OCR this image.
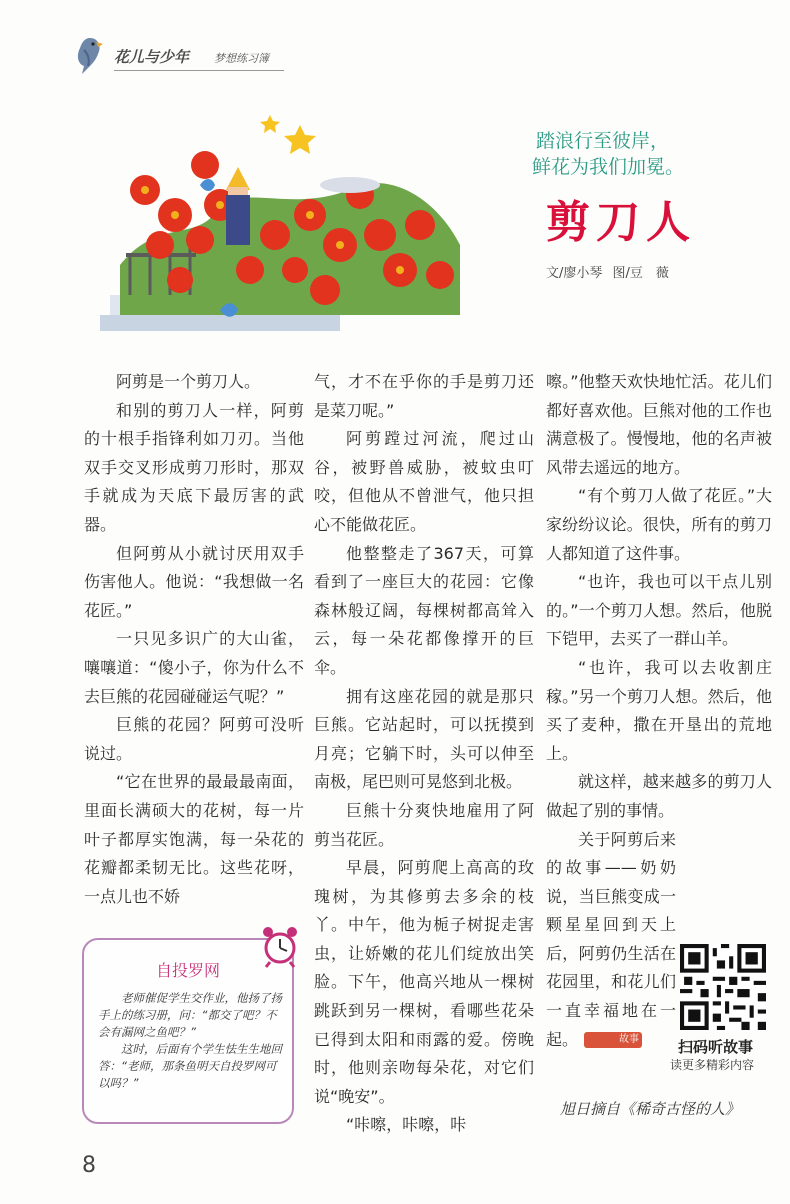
花儿与少年 梦想练习簿
踏浪行至彼岸，
鲜花为我们加冕。
剪刀人
文/廖小琴 图/豆　薇

阿剪是一个剪刀人。

和别的剪刀人一样，阿剪的十根手指锋利如刀刃。当他双手交叉形成剪刀形时，那双手就成为天底下最厉害的武器。

但阿剪从小就讨厌用双手伤害他人。他说：“我想做一名花匠。”

一只见多识广的大山雀，嚷嚷道：“傻小子，你为什么不去巨熊的花园碰碰运气呢？”

巨熊的花园？阿剪可没听说过。

“它在世界的最最最南面，里面长满硕大的花树，每一片叶子都厚实饱满，每一朵花的花瓣都柔韧无比。这些花呀，一点儿也不娇

气，才不在乎你的手是剪刀还是菜刀呢。”

阿剪蹚过河流，爬过山谷，被野兽威胁，被蚊虫叮咬，但他从不曾泄气，他只担心不能做花匠。

他整整走了367天，可算看到了一座巨大的花园：它像森林般辽阔，每棵树都高耸入云，每一朵花都像撑开的巨伞。

拥有这座花园的就是那只巨熊。它站起时，可以抚摸到月亮；它躺下时，头可以伸至南极，尾巴则可晃悠到北极。

巨熊十分爽快地雇用了阿剪当花匠。

早晨，阿剪爬上高高的玫瑰树，为其修剪去多余的枝丫。中午，他为栀子树捉走害虫，让娇嫩的花儿们绽放出笑脸。下午，他高兴地从一棵树跳跃到另一棵树，看哪些花朵已得到太阳和雨露的爱。傍晚时，他则亲吻每朵花，对它们说“晚安”。

“咔嚓，咔嚓，咔

嚓。”他整天欢快地忙活。花儿们都好喜欢他。巨熊对他的工作也满意极了。慢慢地，他的名声被风带去遥远的地方。

“有个剪刀人做了花匠。”大家纷纷议论。很快，所有的剪刀人都知道了这件事。

“也许，我也可以干点儿别的。”一个剪刀人想。然后，他脱下铠甲，去买了一群山羊。

“也许，我可以去收割庄稼。”另一个剪刀人想。然后，他买了麦种，撒在开垦出的荒地上。

就这样，越来越多的剪刀人做起了别的事情。

关于阿剪后来的故事——奶奶说，当巨熊变成一颗星星回到天上后，阿剪仍生活在花园里，和花儿们一直幸福地在一起。	故事

自投罗网

老师催促学生交作业，他扬了扬手上的练习册，问：“都交了吧？不会有漏网之鱼吧？”

这时，后面有个学生怯生生地回答：“老师，那条鱼明天自投罗网可以吗？”

扫码听故事
读更多精彩内容
旭日摘自《稀奇古怪的人》
8
